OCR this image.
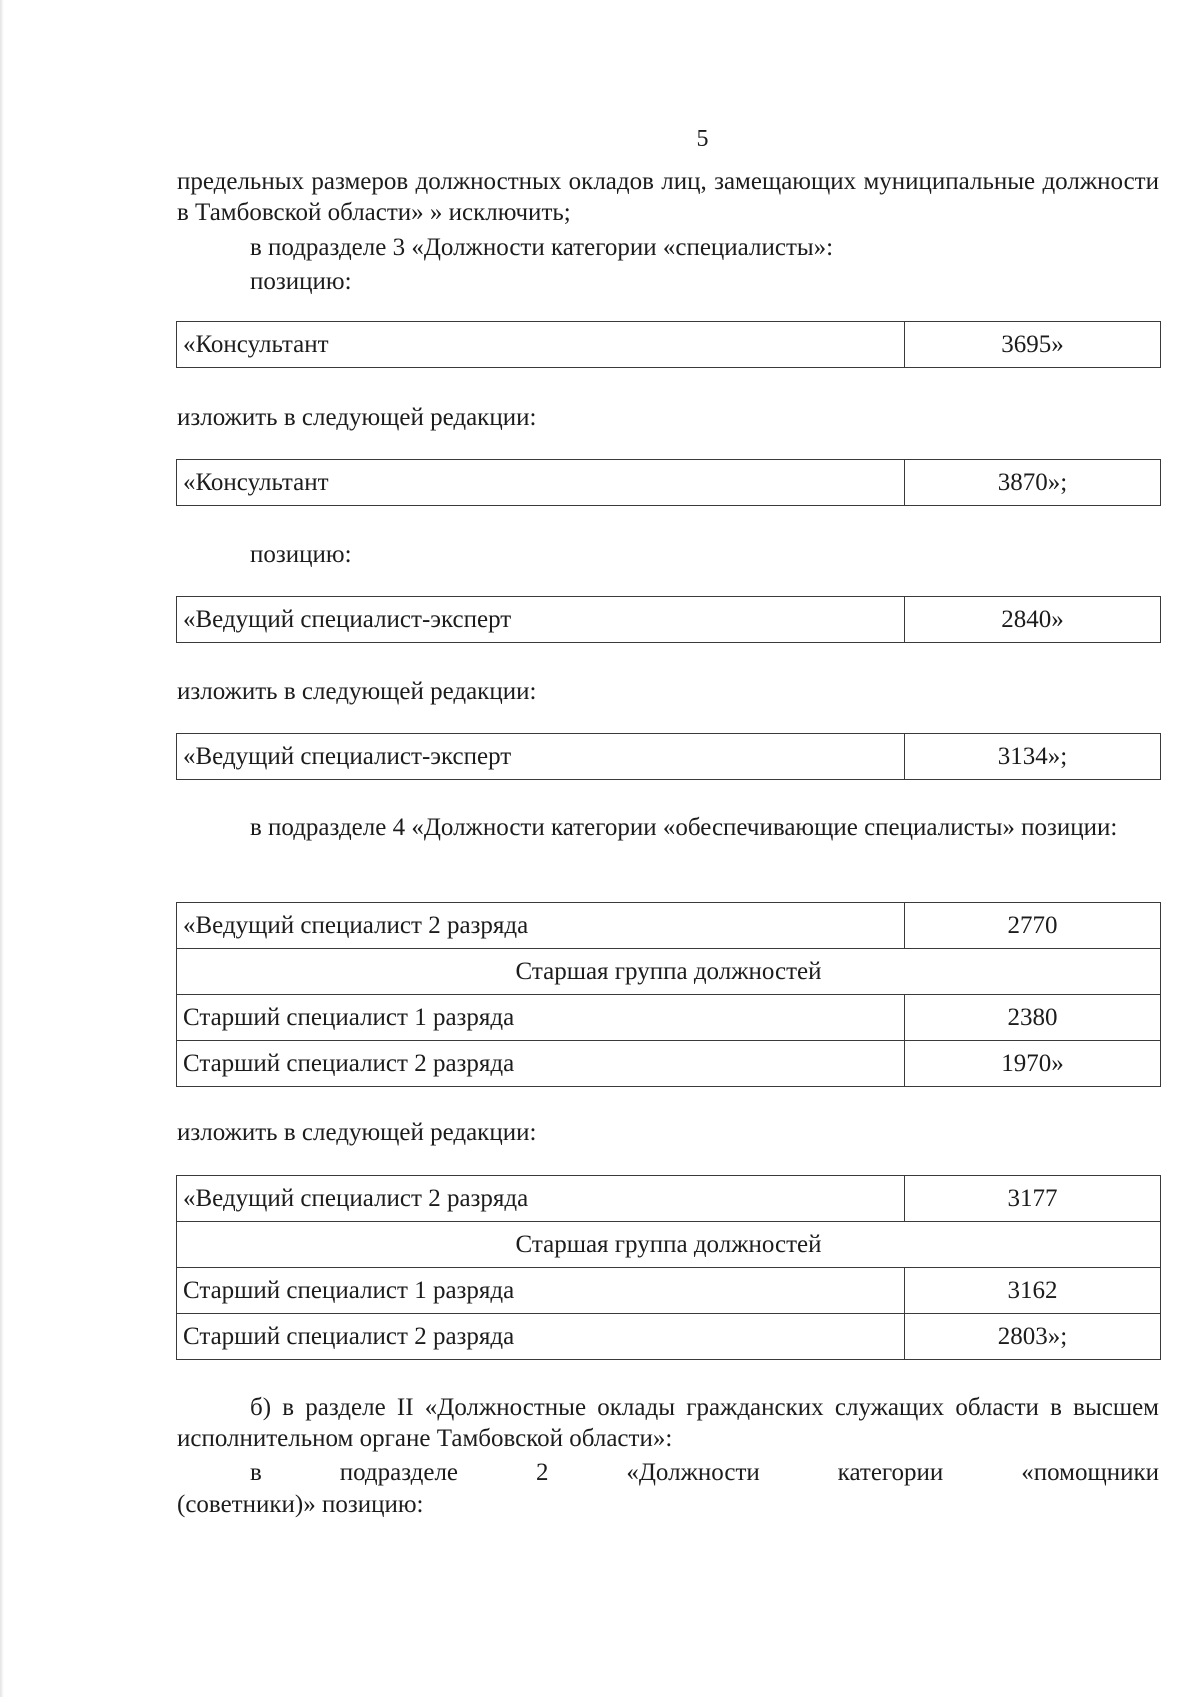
5

предельных размеров должностных окладов лиц, замещающих муниципальные должности в Тамбовской области» » исключить;

в подразделе 3 «Должности категории «специалисты»:

позицию:

«Консультант	3695»

изложить в следующей редакции:

«Консультант	3870»;

позицию:

«Ведущий специалист-эксперт	2840»

изложить в следующей редакции:

«Ведущий специалист-эксперт	3134»;

в подразделе 4 «Должности категории «обеспечивающие специалисты» позиции:

«Ведущий специалист 2 разряда	2770
Старшая группа должностей	
Старший специалист 1 разряда	2380
Старший специалист 2 разряда	1970»

изложить в следующей редакции:

«Ведущий специалист 2 разряда	3177
Старшая группа должностей	
Старший специалист 1 разряда	3162
Старший специалист 2 разряда	2803»;

б) в разделе II «Должностные оклады гражданских служащих области в высшем исполнительном органе Тамбовской области»:

в подразделе 2 «Должности категории «помощники

(советники)» позицию:
